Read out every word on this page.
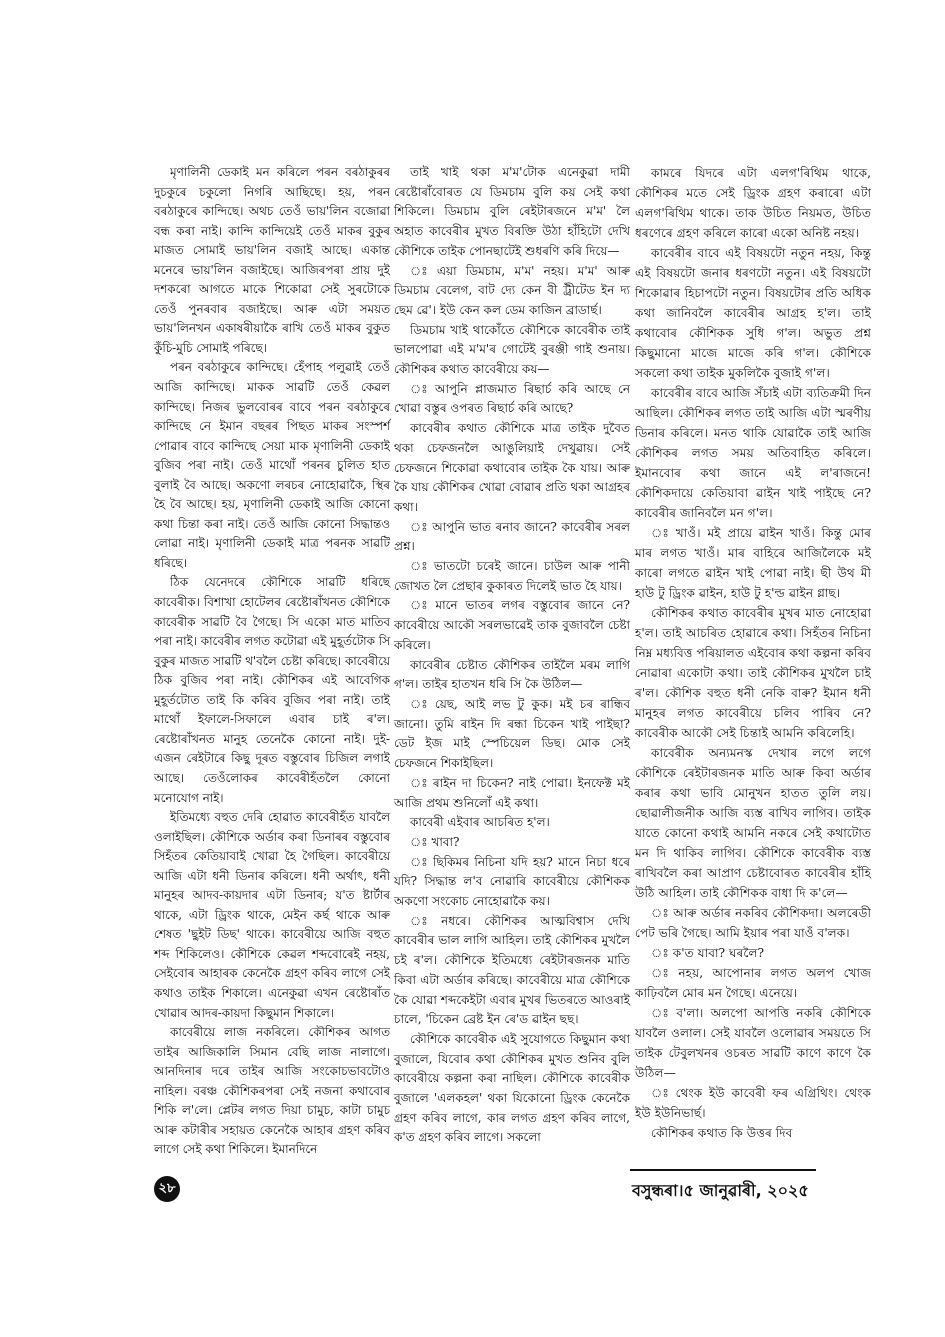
মৃণালিনী ডেকাই মন কৰিলে পৰন বৰঠাকুৰৰ দুচকুৰে চকুলো নিগৰি আছিছে। হয়, পৰন বৰঠাকুৰে কান্দিছে। অথচ তেওঁ ভায়'লিন বজোৱা বন্ধ কৰা নাই। কান্দি কান্দিয়েই তেওঁ মাকৰ বুকুৰ মাজত সোমাই ভায়'লিন বজাই আছে। একান্ত মনেৰে ভায়'লিন বজাইছে। আজিৰপৰা প্ৰায় দুই দশকৰো আগতে মাকে শিকোৱা সেই সুৰটোকে তেওঁ পুনৰবাৰ বজাইছে। আৰু এটা সময়ত ভায়'লিনখন একাষৰীয়াকৈ ৰাখি তেওঁ মাকৰ বুকুত কুঁচি-মুচি সোমাই পৰিছে।

পৰন বৰঠাকুৰে কান্দিছে। হেঁপাহ পলুৱাই তেওঁ আজি কান্দিছে। মাকক সাৱটি তেওঁ কেৱল কান্দিছে। নিজৰ ভুলবোৰৰ বাবে পৰন বৰঠাকুৰে কান্দিছে নে ইমান বছৰৰ পিছত মাকৰ সংস্পৰ্শ পোৱাৰ বাবে কান্দিছে সেয়া মাক মৃণালিনী ডেকাই বুজিব পৰা নাই। তেওঁ মাথোঁ পৰনৰ চুলিত হাত বুলাই বৈ আছে। অকণো লৰচৰ নোহোৱাকৈ, স্থিৰ হৈ বৈ আছে। হয়, মৃণালিনী ডেকাই আজি কোনো কথা চিন্তা কৰা নাই। তেওঁ আজি কোনো সিদ্ধান্তও লোৱা নাই। মৃণালিনী ডেকাই মাত্ৰ পৰনক সাৱটি ধৰিছে।

ঠিক যেনেদৰে কৌশিকে সাৱটি ধৰিছে কাবেৰীক। বিশাখা হোটেলৰ ৰেষ্টোৰাঁখনত কৌশিকে কাবেৰীক সাৱটি বৈ গৈছে। সি একো মাত মাতিব পৰা নাই। কাবেৰীৰ লগত কটোৱা এই মুহূৰ্তটোক সি বুকুৰ মাজত সাৱটি থ'বলৈ চেষ্টা কৰিছে। কাবেৰীয়ে ঠিক বুজিব পৰা নাই। কৌশিকৰ এই আবেগিক মুহূৰ্তটোত তাই কি কৰিব বুজিব পৰা নাই। তাই মাথোঁ ইফালে-সিফালে এবাৰ চাই ৰ'ল। ৰেষ্টোৰাঁখনত মানুহ তেনেকৈ কোনো নাই। দুই-এজন ৰেইটাৰে কিছু দূৰত বস্তুবোৰ চিজিল লগাই আছে। তেওঁলোকৰ কাবেৰীহঁতলৈ কোনো মনোযোগ নাই।

ইতিমধ্যে বহুত দেৰি হোৱাত কাবেৰীহঁত যাবলৈ ওলাইছিল। কৌশিকে অৰ্ডাৰ কৰা ডিনাৰৰ বস্তুবোৰ সিহঁতৰ কেতিয়াবাই খোৱা হৈ গৈছিল। কাবেৰীয়ে আজি এটা ধনী ডিনাৰ কৰিলে। ধনী অৰ্থাৎ, ধনী মানুহৰ আদব-কায়দাৰ এটা ডিনাৰ; য'ত ষ্টাৰ্টাৰ থাকে, এটা ড্ৰিংক থাকে, মেইন কৰ্ছ থাকে আৰু শেষত 'ছুইট ডিছ' থাকে। কাবেৰীয়ে আজি বহুত শব্দ শিকিলেও। কৌশিকে কেৱল শব্দবোৰেই নহয়, সেইবোৰ আহাৰক কেনেকৈ গ্ৰহণ কৰিব লাগে সেই কথাও তাইক শিকালে। এনেকুৱা এখন ৰেষ্টোৰাঁত খোৱাৰ আদৰ-কায়দা কিছুমান শিকালে।

কাবেৰীয়ে লাজ নকৰিলে। কৌশিকৰ আগত তাইৰ আজিকালি সিমান বেছি লাজ নালাগে। আনদিনাৰ দৰে তাইৰ আজি সংকোচভাবটোও নাহিল। বৰঞ্চ কৌশিকৰপৰা সেই নজনা কথাবোৰ শিকি ল'লে। প্লেটৰ লগত দিয়া চামুচ, কাটা চামুচ আৰু কটাৰীৰ সহায়ত কেনেকৈ আহাৰ গ্ৰহণ কৰিব লাগে সেই কথা শিকিলে। ইমানদিনে

তাই খাই থকা ম'ম'টোক এনেকুৱা দামী ৰেষ্টোৰাঁবোৰত যে ডিমচাম বুলি কয় সেই কথা শিকিলে। ডিমচাম বুলি ৰেইটাৰজনে ম'ম' লৈ অহাত কাবেৰীৰ মুখত বিৰক্তি উঠা হাঁহিটো দেখি কৌশিকে তাইক পোনছাটেই শুধৰণি কৰি দিয়ে—

ঃ এয়া ডিমচাম, ম'ম' নহয়। ম'ম' আৰু ডিমচাম বেলেগ, বাট দ্যে কেন বী ট্ৰীটেড ইন দ্য ছেম ৱে'। ইউ কেন কল ডেম কাজিন ব্ৰাডাৰ্ছ।

ডিমচাম খাই থাকোঁতে কৌশিকে কাবেৰীক তাই ভালপোৱা এই ম'ম'ৰ গোটেই বুৰঞ্জী গাই শুনায়। কৌশিকৰ কথাত কাবেৰীয়ে কয়—

ঃ আপুনি প্লাজমাত ৰিছাৰ্চ কৰি আছে নে খোৱা বস্তুৰ ওপৰত ৰিছাৰ্চ কৰি আছে?

কাবেৰীৰ কথাত কৌশিকে মাত্ৰ তাইক দুবৈত থকা চেফজনলৈ আঙুলিয়াই দেখুৱায়। সেই চেফজনে শিকোৱা কথাবোৰ তাইক কৈ যায়। আৰু কৈ যায় কৌশিকৰ খোৱা বোৱাৰ প্ৰতি থকা আগ্ৰহৰ কথা।

ঃ আপুনি ভাত ৰনাব জানে? কাবেৰীৰ সৰল প্ৰশ্ন।

ঃ ভাতটো চৰেই জানে। চাউল আৰু পানী জোখত লৈ প্ৰেছাৰ কুকাৰত দিলেই ভাত হৈ যায়।

ঃ মানে ভাতৰ লগৰ বস্তুবোৰ জানে নে? কাবেৰীয়ে আকৌ সৰলভাৱেই তাক বুজাবলৈ চেষ্টা কৰিলে।

কাবেৰীৰ চেষ্টাত কৌশিকৰ তাইলৈ মৰম লাগি গ'ল। তাইৰ হাতখন ধৰি সি কৈ উঠিল—

ঃ য়েছ, আই লভ টু কুক। মই চৰ ৰান্ধিব জানো। তুমি ৰাইন দি ৰন্ধা চিকেন খাই পাইছা? ডেট ইজ মাই স্পেচিয়েল ডিছ। মোক সেই চেফজনে শিকাইছিল।

ঃ ৰাইন দা চিকেন? নাই পোৱা। ইনফেক্ট মই আজি প্ৰথম শুনিলোঁ এই কথা।

কাবেৰী এইবাৰ আচৰিত হ'ল।

ঃ খাবা?

ঃ ছিকিমৰ নিচিনা যদি হয়? মানে নিচা ধৰে যদি? সিদ্ধান্ত ল'ব নোৱাৰি কাবেৰীয়ে কৌশিকক অকণো সংকোচ নোহোৱাকৈ কয়।

ঃ নধৰে। কৌশিকৰ আত্মবিশ্বাস দেখি কাবেৰীৰ ভাল লাগি আহিল। তাই কৌশিকৰ মুখলৈ চই ৰ'ল। কৌশিকে ইতিমধ্যে ৰেইটাৰজনক মাতি কিবা এটা অৰ্ডাৰ কৰিছে। কাবেৰীয়ে মাত্ৰ কৌশিকে কৈ যোৱা শব্দকেইটা এবাৰ মুখৰ ভিতৰতে আওৰাই চালে, 'চিকেন ব্ৰেষ্ট ইন ৰে'ড ৱাইন ছছ।

কৌশিকে কাবেৰীক এই সুযোগতে কিছুমান কথা বুজালে, যিবোৰ কথা কৌশিকৰ মুখত শুনিব বুলি কাবেৰীয়ে কল্পনা কৰা নাছিল। কৌশিকে কাবেৰীক বুজালে 'এলকহল' থকা যিকোনো ড্ৰিংক কেনেকৈ গ্ৰহণ কৰিব লাগে, কাৰ লগত গ্ৰহণ কৰিব লাগে, ক'ত গ্ৰহণ কৰিব লাগে। সকলো

কামৰে যিদৰে এটা এলগ'ৰিথিম থাকে, কৌশিকৰ মতে সেই ড্ৰিংক গ্ৰহণ কৰাৰো এটা এলগ'ৰিথিম থাকে। তাক উচিত নিয়মত, উচিত ধৰণেৰে গ্ৰহণ কৰিলে কাৰো একো অনিষ্ট নহয়।

কাবেৰীৰ বাবে এই বিষয়টো নতুন নহয়, কিন্তু এই বিষয়টো জনাৰ ধৰণটো নতুন। এই বিষয়টো শিকোৱাৰ হিচাপটো নতুন। বিষয়টোৰ প্ৰতি অধিক কথা জানিবলৈ কাবেৰীৰ আগ্ৰহ হ'ল। তাই কথাবোৰ কৌশিকক সুধি গ'ল। অভুত প্ৰশ্ন কিছুমানো মাজে মাজে কৰি গ'ল। কৌশিকে সকলো কথা তাইক মুকলিকৈ বুজাই গ'ল।

কাবেৰীৰ বাবে আজি সঁচাই এটা ব্যতিক্ৰমী দিন আছিল। কৌশিকৰ লগত তাই আজি এটা স্মৰণীয় ডিনাৰ কৰিলে। মনত থাকি যোৱাকৈ তাই আজি কৌশিকৰ লগত সময় অতিবাহিত কৰিলে। ইমানবোৰ কথা জানে এই ল'ৰাজনে! কৌশিকদায়ে কেতিয়াবা ৱাইন খাই পাইছে নে? কাবেৰীৰ জানিবলৈ মন গ'ল।

ঃ খাওঁ। মই প্ৰায়ে ৱাইন খাওঁ। কিন্তু মোৰ মাৰ লগত খাওঁ। মাৰ বাহিৰে আজিলৈকে মই কাৰো লগতে ৱাইন খাই পোৱা নাই। ছী উথ মী হাউ টু ড্ৰিংক ৱাইন, হাউ টু হ'ল্ড ৱাইন গ্লাছ।

কৌশিকৰ কথাত কাবেৰীৰ মুখৰ মাত নোহোৱা হ'ল। তাই আচৰিত হোৱাৰে কথা। সিহঁতৰ নিচিনা নিম্ন মধ্যবিত্ত পৰিয়ালত এইবোৰ কথা কল্পনা কৰিব নোৱাৰা একোটা কথা। তাই কৌশিকৰ মুখলৈ চাই ৰ'ল। কৌশিক বহুত ধনী নেকি বাৰু? ইমান ধনী মানুহৰ লগত কাবেৰীয়ে চলিব পাৰিব নে? কাবেৰীক আকৌ সেই চিন্তাই আমনি কৰিলেহি।

কাবেৰীক অন্যমনস্ক দেখাৰ লগে লগে কৌশিকে ৰেইটাৰজনক মাতি আৰু কিবা অৰ্ডাৰ কৰাৰ কথা ভাবি মোনুখন হাতত তুলি লয়। ছোৱালীজনীক আজি ব্যস্ত ৰাখিব লাগিব। তাইক যাতে কোনো কথাই আমনি নকৰে সেই কথাটোত মন দি থাকিব লাগিব। কৌশিকে কাবেৰীক ব্যস্ত ৰাখিবলৈ কৰা আপ্ৰাণ চেষ্টাবোৰত কাবেৰীৰ হাঁহি উঠি আহিল। তাই কৌশিকক বাধা দি ক'লে—

ঃ আৰু অৰ্ডাৰ নকৰিব কৌশিকদা। অলৰেডী পেট ভৰি গৈছে। আমি ইয়াৰ পৰা যাওঁ ব'লক।

ঃ ক'ত যাবা? ঘৰলৈ?

ঃ নহয়, আপোনাৰ লগত অলপ খোজ কাঢ়িবলৈ মোৰ মন গৈছে। এনেয়ে।

ঃ ব'লা। অলপো আপত্তি নকৰি কৌশিকে যাবলৈ ওলাল। সেই যাবলৈ ওলোৱাৰ সময়তে সি তাইক টেবুলখনৰ ওচৰত সাৱটি কাণে কাণে কৈ উঠিল—

ঃ থেংক ইউ কাবেৰী ফৰ এগ্ৰিথিং। থেংক ইউ ইউনিভাৰ্ছ।

কৌশিকৰ কথাত কি উত্তৰ দিব

২৮	বসুন্ধৰা।৫ জানুৱাৰী, ২০২৫
